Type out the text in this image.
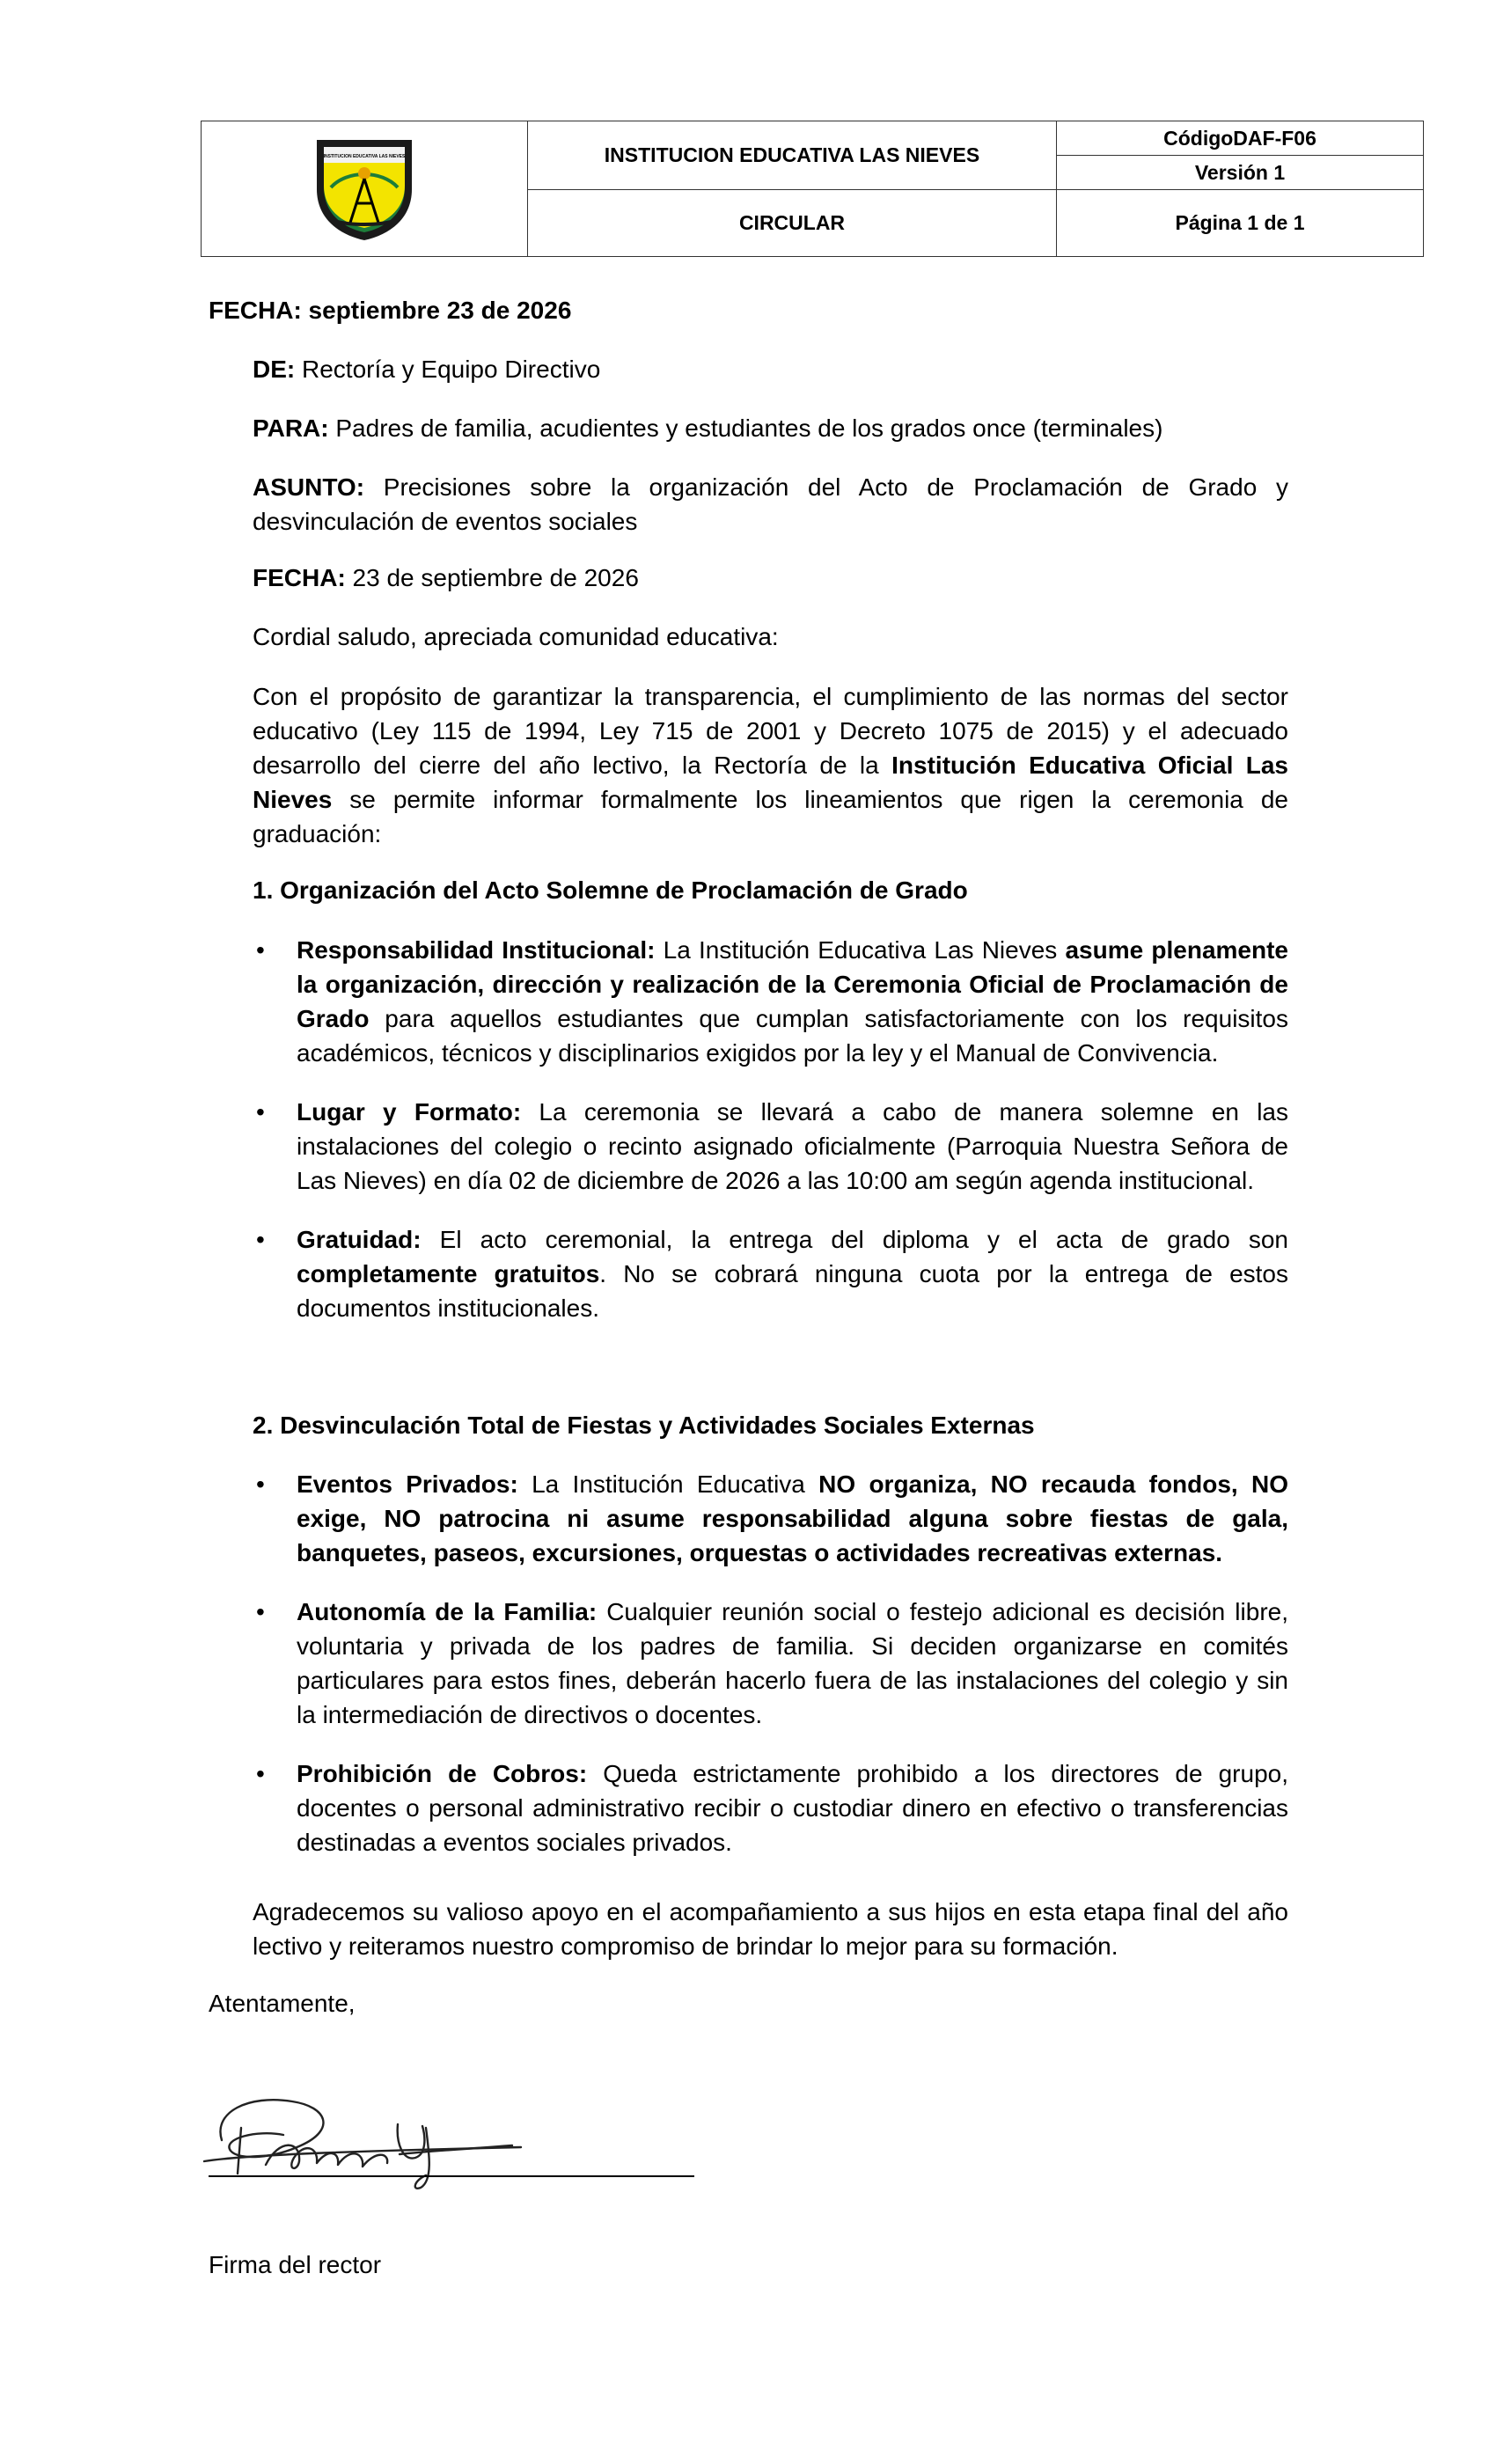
INSTITUCION EDUCATIVA LAS NIEVES	INSTITUCION EDUCATIVA LAS NIEVES	CódigoDAF-F06
		Versión 1
	CIRCULAR	Página 1 de 1

FECHA: septiembre 23 de 2026

DE: Rectoría y Equipo Directivo

PARA: Padres de familia, acudientes y estudiantes de los grados once (terminales)

ASUNTO: Precisiones sobre la organización del Acto de Proclamación de Grado y desvinculación de eventos sociales

FECHA: 23 de septiembre de 2026

Cordial saludo, apreciada comunidad educativa:

Con el propósito de garantizar la transparencia, el cumplimiento de las normas del sector educativo (Ley 115 de 1994, Ley 715 de 2001 y Decreto 1075 de 2015) y el adecuado desarrollo del cierre del año lectivo, la Rectoría de la Institución Educativa Oficial Las Nieves se permite informar formalmente los lineamientos que rigen la ceremonia de graduación:

1. Organización del Acto Solemne de Proclamación de Grado

• Responsabilidad Institucional: La Institución Educativa Las Nieves asume plenamente la organización, dirección y realización de la Ceremonia Oficial de Proclamación de Grado para aquellos estudiantes que cumplan satisfactoriamente con los requisitos académicos, técnicos y disciplinarios exigidos por la ley y el Manual de Convivencia.
• Lugar y Formato: La ceremonia se llevará a cabo de manera solemne en las instalaciones del colegio o recinto asignado oficialmente (Parroquia Nuestra Señora de Las Nieves) en día 02 de diciembre de 2026 a las 10:00 am según agenda institucional.
• Gratuidad: El acto ceremonial, la entrega del diploma y el acta de grado son completamente gratuitos. No se cobrará ninguna cuota por la entrega de estos documentos institucionales.

2. Desvinculación Total de Fiestas y Actividades Sociales Externas

• Eventos Privados: La Institución Educativa NO organiza, NO recauda fondos, NO exige, NO patrocina ni asume responsabilidad alguna sobre fiestas de gala, banquetes, paseos, excursiones, orquestas o actividades recreativas externas.
• Autonomía de la Familia: Cualquier reunión social o festejo adicional es decisión libre, voluntaria y privada de los padres de familia. Si deciden organizarse en comités particulares para estos fines, deberán hacerlo fuera de las instalaciones del colegio y sin la intermediación de directivos o docentes.
• Prohibición de Cobros: Queda estrictamente prohibido a los directores de grupo, docentes o personal administrativo recibir o custodiar dinero en efectivo o transferencias destinadas a eventos sociales privados.

Agradecemos su valioso apoyo en el acompañamiento a sus hijos en esta etapa final del año lectivo y reiteramos nuestro compromiso de brindar lo mejor para su formación.

Atentamente,

Firma del rector
